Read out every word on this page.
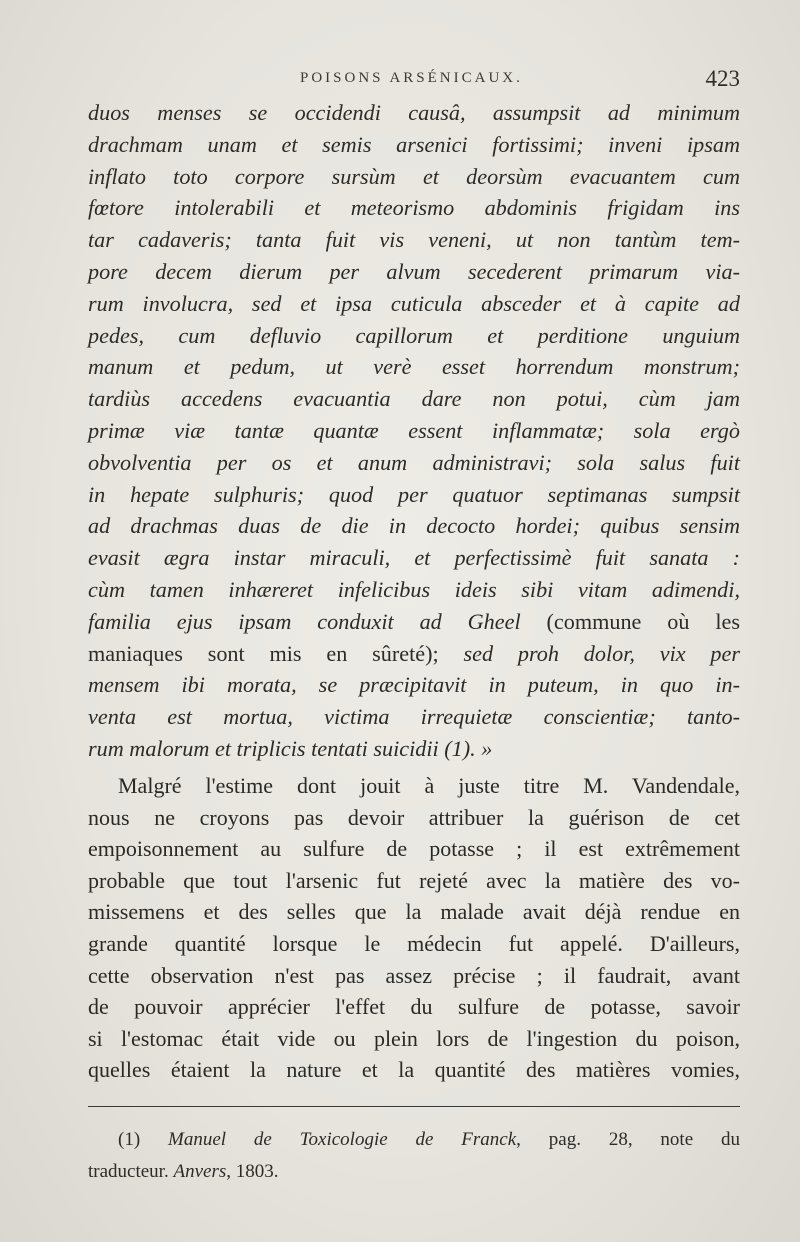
POISONS ARSÉNICAUX.	423
duos menses se occidendi causâ, assumpsit ad minimum
drachmam unam et semis arsenici fortissimi; inveni ipsam
inflato toto corpore sursùm et deorsùm evacuantem cum
fœtore intolerabili et meteorismo abdominis frigidam ins
tar cadaveris; tanta fuit vis veneni, ut non tantùm tem-
pore decem dierum per alvum secederent primarum via-
rum involucra, sed et ipsa cuticula absceder et à capite ad
pedes, cum defluvio capillorum et perditione unguium
manum et pedum, ut verè esset horrendum monstrum;
tardiùs accedens evacuantia dare non potui, cùm jam
primæ viæ tantæ quantæ essent inflammatæ; sola ergò
obvolventia per os et anum administravi; sola salus fuit
in hepate sulphuris; quod per quatuor septimanas sumpsit
ad drachmas duas de die in decocto hordei; quibus sensim
evasit ægra instar miraculi, et perfectissimè fuit sanata :
cùm tamen inhæreret infelicibus ideis sibi vitam adimendi,
familia ejus ipsam conduxit ad Gheel (commune où les
maniaques sont mis en sûreté); sed proh dolor, vix per
mensem ibi morata, se præcipitavit in puteum, in quo in-
venta est mortua, victima irrequietæ conscientiæ; tanto-
rum malorum et triplicis tentati suicidii (1). »
Malgré l'estime dont jouit à juste titre M. Vandendale,
nous ne croyons pas devoir attribuer la guérison de cet
empoisonnement au sulfure de potasse ; il est extrêmement
probable que tout l'arsenic fut rejeté avec la matière des vo-
missemens et des selles que la malade avait déjà rendue en
grande quantité lorsque le médecin fut appelé. D'ailleurs,
cette observation n'est pas assez précise ; il faudrait, avant
de pouvoir apprécier l'effet du sulfure de potasse, savoir
si l'estomac était vide ou plein lors de l'ingestion du poison,
quelles étaient la nature et la quantité des matières vomies,
(1) Manuel de Toxicologie de Franck, pag. 28, note du
traducteur. Anvers, 1803.
